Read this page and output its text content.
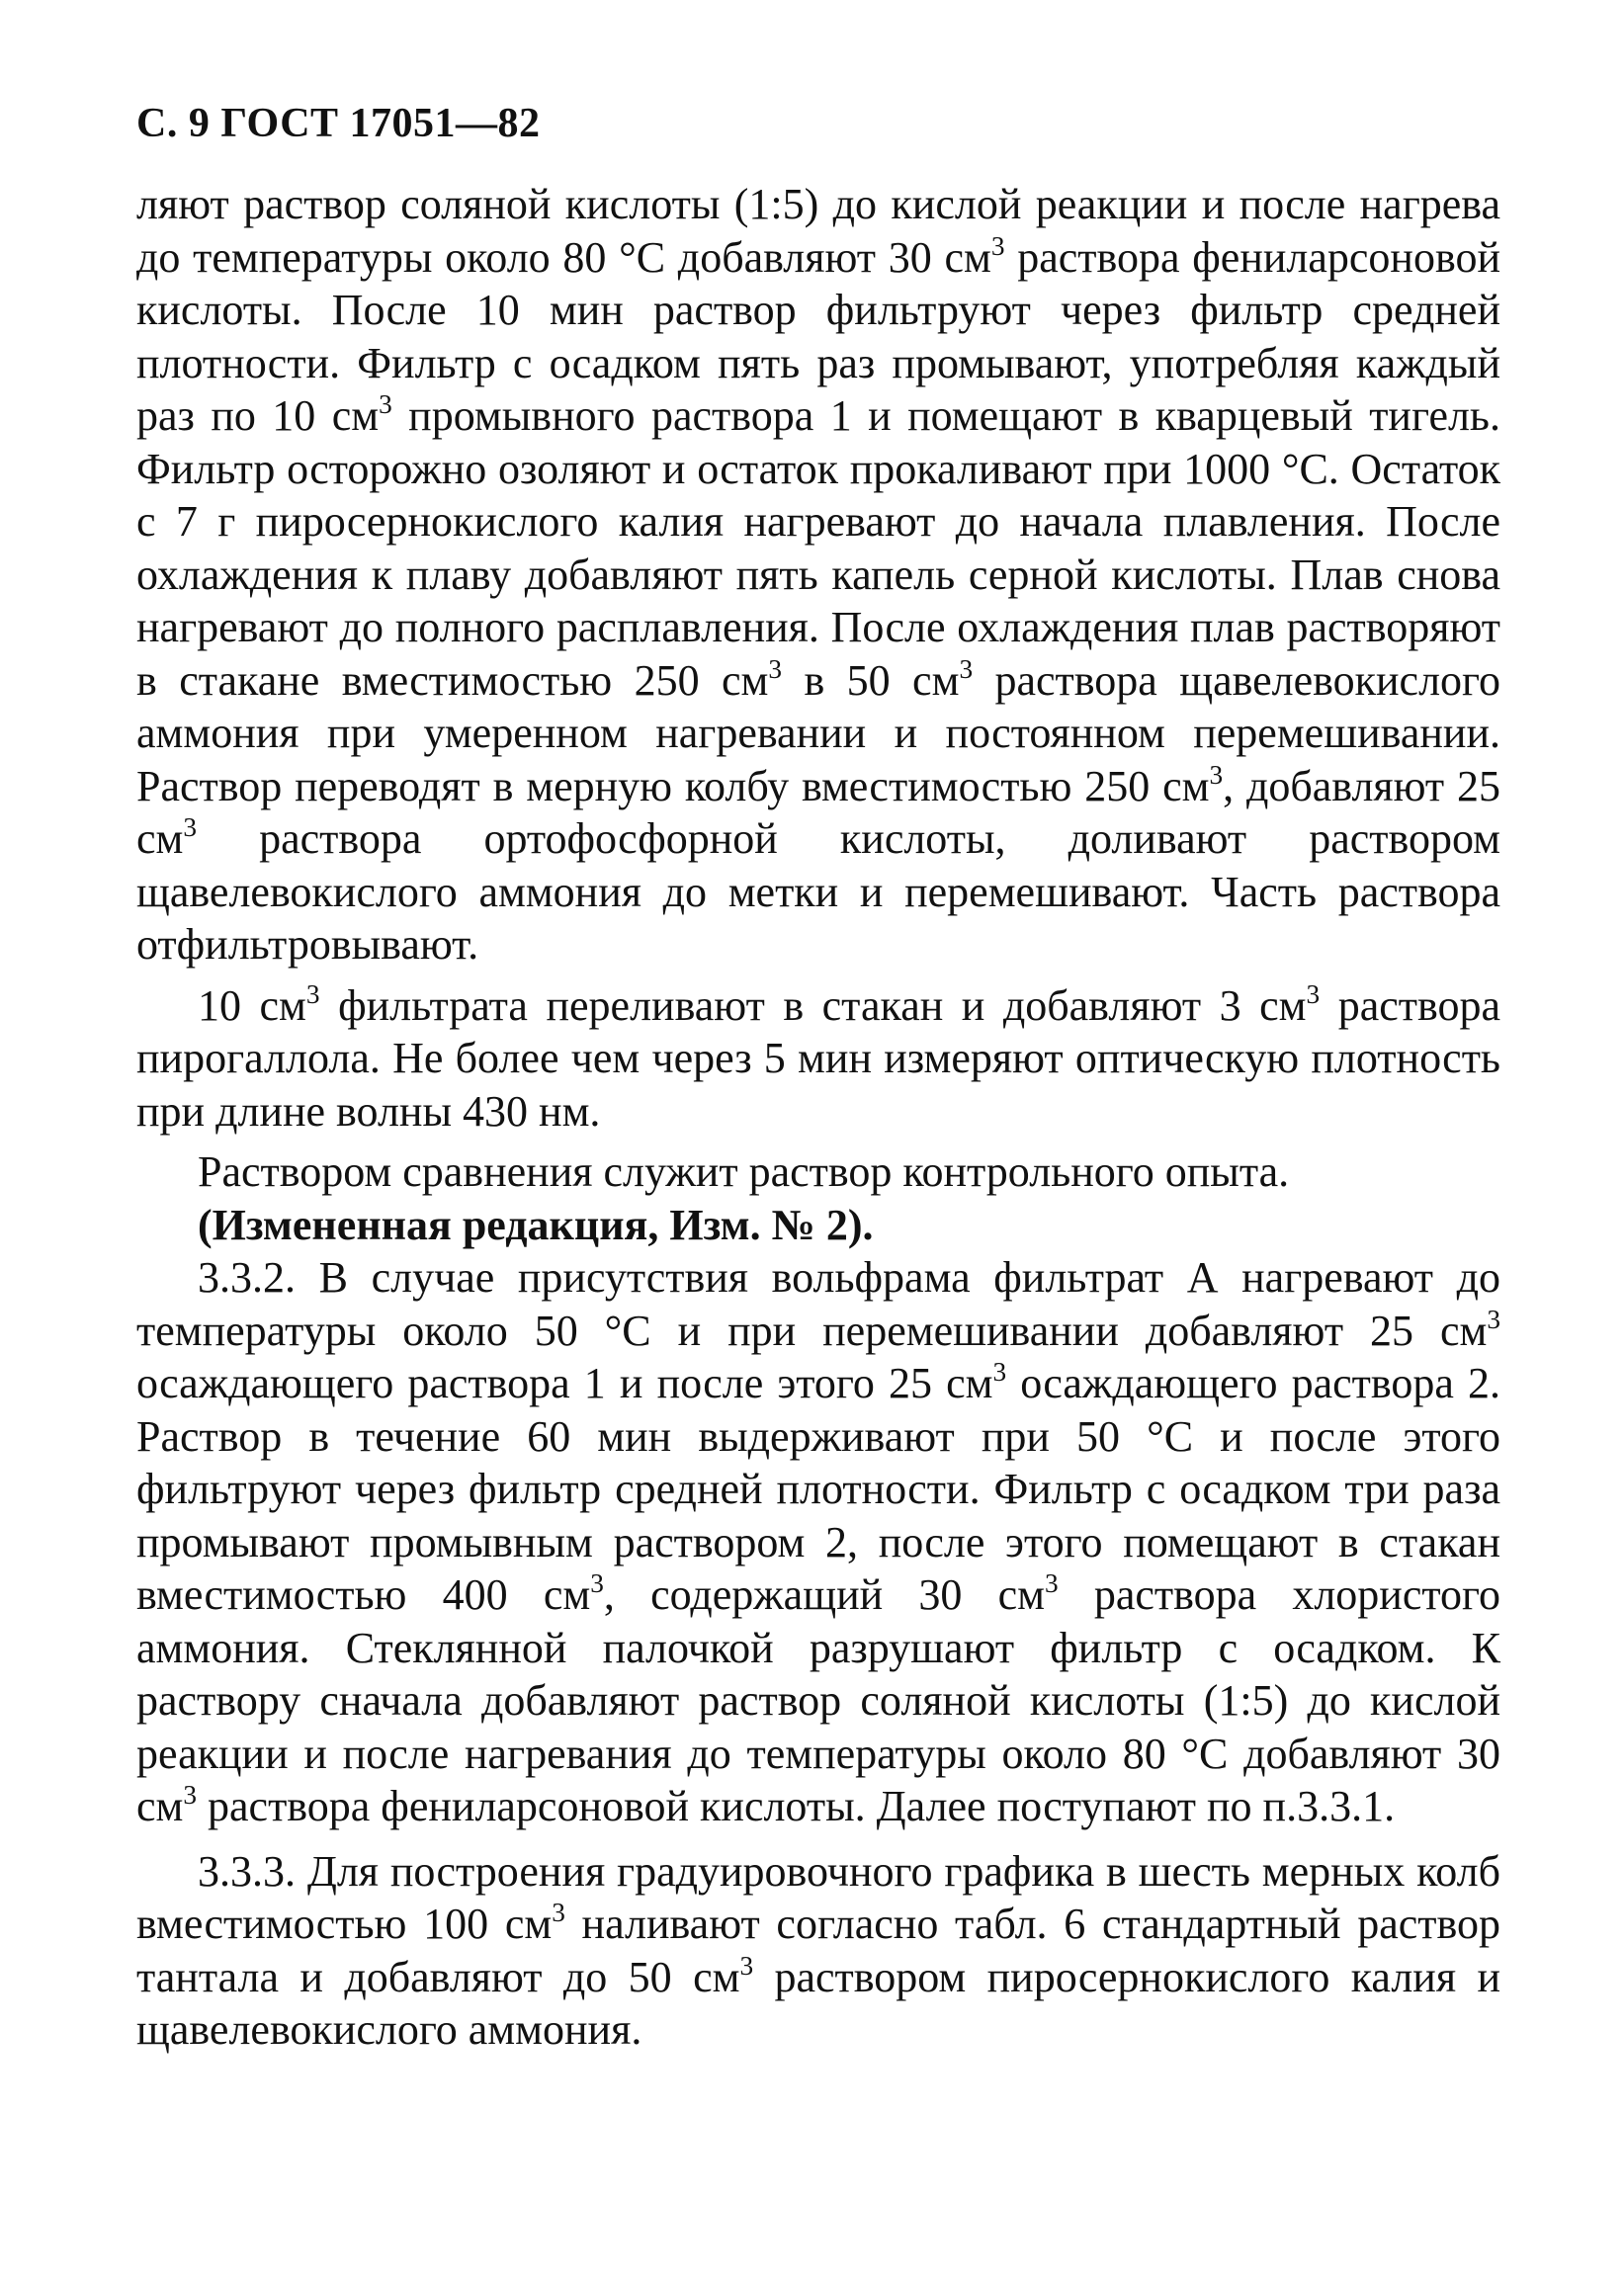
С. 9 ГОСТ 17051—82

ляют раствор соляной кислоты (1:5) до кислой реакции и после нагрева до температуры около 80 °С добавляют 30 $см^3$ раствора фениларсоновой кислоты. После 10 мин раствор фильтруют через фильтр средней плотности. Фильтр с осадком пять раз промывают, употребляя каждый раз по 10 $см^3$ промывного раствора 1 и помещают в кварцевый тигель. Фильтр осторожно озоляют и остаток прокаливают при 1000 °С. Остаток с 7 г пиросернокислого калия нагревают до начала плавления. После охлаждения к плаву добавляют пять капель серной кислоты. Плав снова нагревают до полного расплавления. После охлаждения плав растворяют в стакане вместимостью 250 $см^3$ в 50 $см^3$ раствора щавелевокислого аммония при умеренном нагревании и постоянном перемешивании. Раствор переводят в мерную колбу вместимостью 250 $см^3$, добавляют 25 $см^3$ раствора ортофосфорной кислоты, доливают раствором щавелевокислого аммония до метки и перемешивают. Часть раствора отфильтровывают.

10 $см^3$ фильтрата переливают в стакан и добавляют 3 $см^3$ раствора пирогаллола. Не более чем через 5 мин измеряют оптическую плотность при длине волны 430 нм.

Раствором сравнения служит раствор контрольного опыта.

(Измененная редакция, Изм. № 2).

3.3.2. В случае присутствия вольфрама фильтрат А нагревают до температуры около 50 °С и при перемешивании добавляют 25 $см^3$ осаждающего раствора 1 и после этого 25 $см^3$ осаждающего раствора 2. Раствор в течение 60 мин выдерживают при 50 °С и после этого фильтруют через фильтр средней плотности. Фильтр с осадком три раза промывают промывным раствором 2, после этого помещают в стакан вместимостью 400 $см^3$, содержащий 30 $см^3$ раствора хлористого аммония. Стеклянной палочкой разрушают фильтр с осадком. К раствору сначала добавляют раствор соляной кислоты (1:5) до кислой реакции и после нагревания до температуры около 80 °С добавляют 30 $см^3$ раствора фениларсоновой кислоты. Далее поступают по п.3.3.1.

3.3.3. Для построения градуировочного графика в шесть мерных колб вместимостью 100 $см^3$ наливают согласно табл. 6 стандартный раствор тантала и добавляют до 50 $см^3$ раствором пиросернокислого калия и щавелевокислого аммония.
